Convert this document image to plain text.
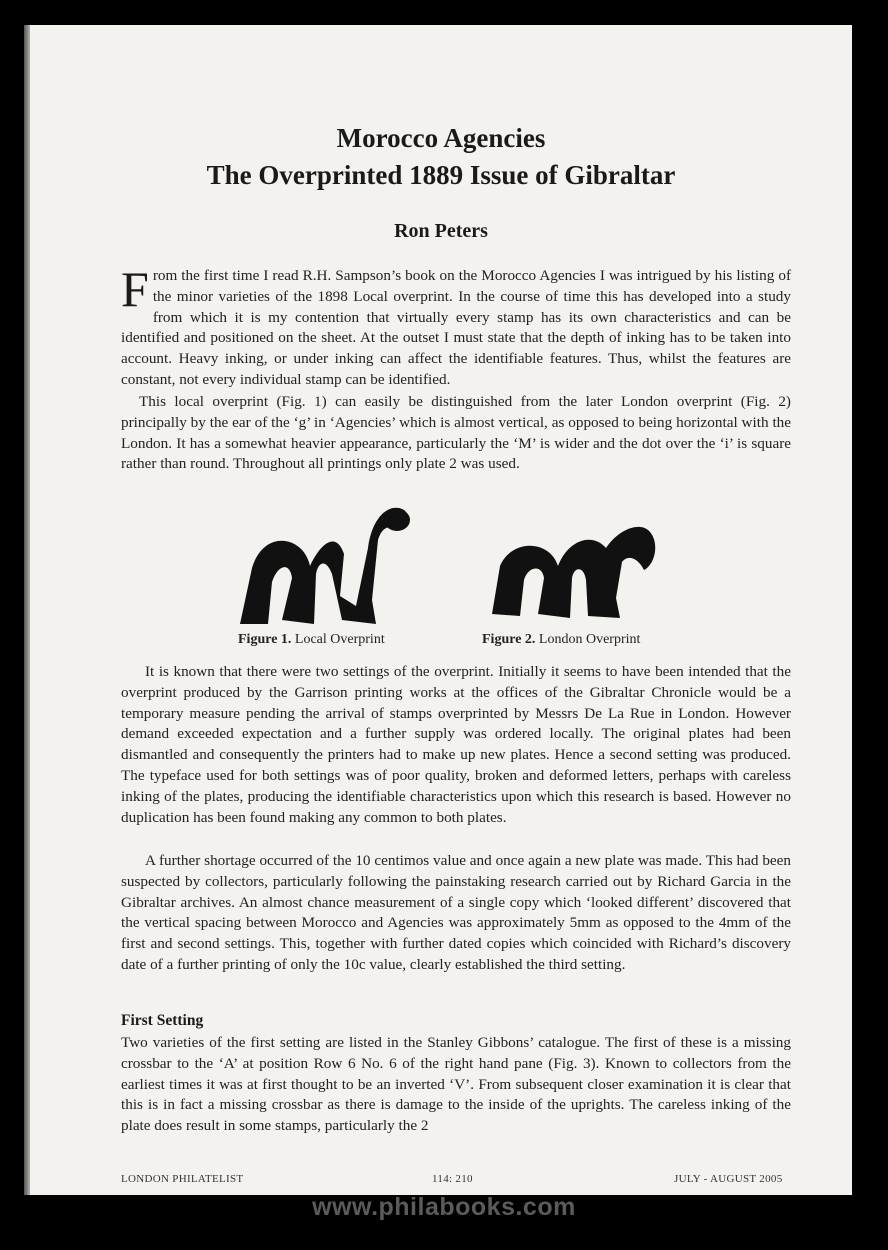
Morocco Agencies
The Overprinted 1889 Issue of Gibraltar
Ron Peters

F rom the first time I read R.H. Sampson’s book on the Morocco Agencies I was intrigued by his listing of the minor varieties of the 1898 Local overprint. In the course of time this has developed into a study from which it is my contention that virtually every stamp has its own characteristics and can be identified and positioned on the sheet. At the outset I must state that the depth of inking has to be taken into account. Heavy inking, or under inking can affect the identifiable features. Thus, whilst the features are constant, not every individual stamp can be identified.

This local overprint (Fig. 1) can easily be distinguished from the later London overprint (Fig. 2) principally by the ear of the ‘g’ in ‘Agencies’ which is almost vertical, as opposed to being horizontal with the London. It has a somewhat heavier appearance, particularly the ‘M’ is wider and the dot over the ‘i’ is square rather than round. Throughout all printings only plate 2 was used.

Figure 1. Local Overprint	Figure 2. London Overprint

It is known that there were two settings of the overprint. Initially it seems to have been intended that the overprint produced by the Garrison printing works at the offices of the Gibraltar Chronicle would be a temporary measure pending the arrival of stamps overprinted by Messrs De La Rue in London. However demand exceeded expectation and a further supply was ordered locally. The original plates had been dismantled and consequently the printers had to make up new plates. Hence a second setting was produced. The typeface used for both settings was of poor quality, broken and deformed letters, perhaps with careless inking of the plates, producing the identifiable characteristics upon which this research is based. However no duplication has been found making any common to both plates.

A further shortage occurred of the 10 centimos value and once again a new plate was made. This had been suspected by collectors, particularly following the painstaking research carried out by Richard Garcia in the Gibraltar archives. An almost chance measurement of a single copy which ‘looked different’ discovered that the vertical spacing between Morocco and Agencies was approximately 5mm as opposed to the 4mm of the first and second settings. This, together with further dated copies which coincided with Richard’s discovery date of a further printing of only the 10c value, clearly established the third setting.

First Setting

Two varieties of the first setting are listed in the Stanley Gibbons’ catalogue. The first of these is a missing crossbar to the ‘A’ at position Row 6 No. 6 of the right hand pane (Fig. 3). Known to collectors from the earliest times it was at first thought to be an inverted ‘V’. From subsequent closer examination it is clear that this is in fact a missing crossbar as there is damage to the inside of the uprights. The careless inking of the plate does result in some stamps, particularly the 2

LONDON PHILATELIST	114: 210	JULY - AUGUST 2005
www.philabooks.com
